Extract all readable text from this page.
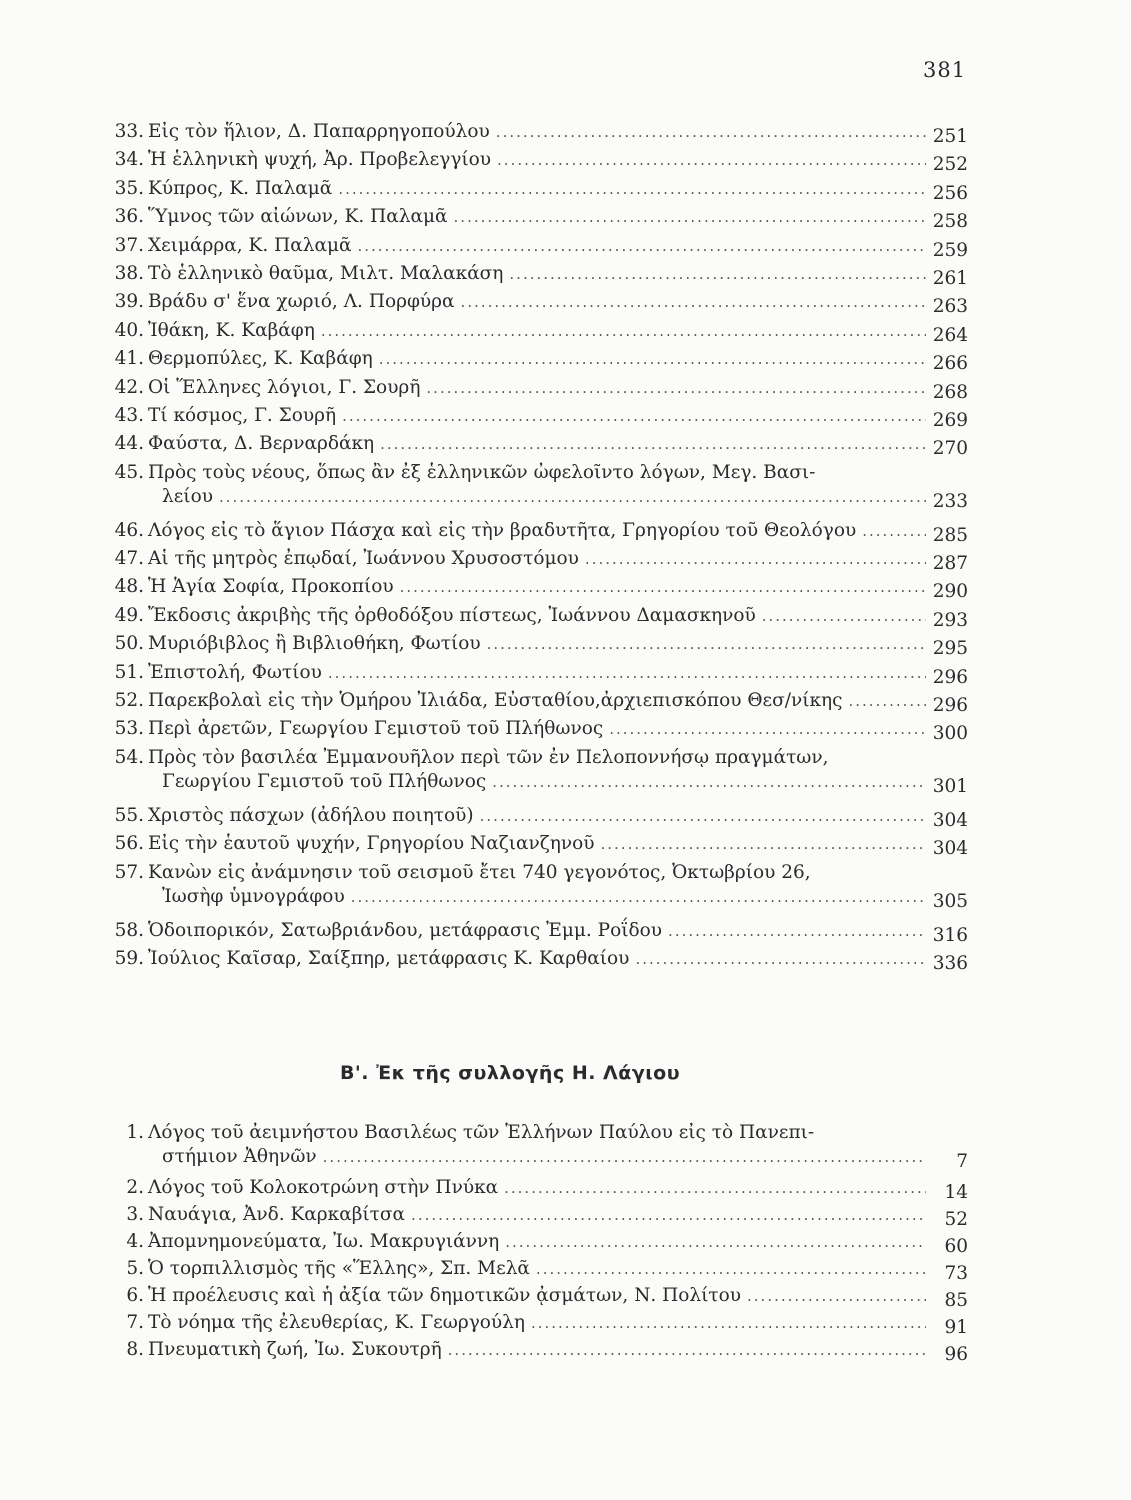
381
33. Εἰς τὸν ἥλιον, Δ. Παπαρρηγοπούλου .....	251
34. Ἡ ἑλληνικὴ ψυχή, Ἀρ. Προβελεγγίου .....	252
35. Κύπρος, Κ. Παλαμᾶ .....	256
36. Ὕμνος τῶν αἰώνων, Κ. Παλαμᾶ .....	258
37. Χειμάρρα, Κ. Παλαμᾶ .....	259
38. Τὸ ἑλληνικὸ θαῦμα, Μιλτ. Μαλακάση .....	261
39. Βράδυ σ' ἕνα χωριό, Λ. Πορφύρα .....	263
40. Ἰθάκη, Κ. Καβάφη .....	264
41. Θερμοπύλες, Κ. Καβάφη .....	266
42. Οἱ Ἕλληνες λόγιοι, Γ. Σουρῆ .....	268
43. Τί κόσμος, Γ. Σουρῆ .....	269
44. Φαύστα, Δ. Βερναρδάκη .....	270
45. Πρὸς τοὺς νέους, ὅπως ἂν ἐξ ἑλληνικῶν ὠφελοῖντο λόγων, Μεγ. Βασι-
λείου .....	233
46. Λόγος εἰς τὸ ἅγιον Πάσχα καὶ εἰς τὴν βραδυτῆτα, Γρηγορίου τοῦ Θεολόγου .....	285
47. Αἱ τῆς μητρὸς ἐπῳδαί, Ἰωάννου Χρυσοστόμου .....	287
48. Ἡ Ἁγία Σοφία, Προκοπίου .....	290
49. Ἔκδοσις ἀκριβὴς τῆς ὀρθοδόξου πίστεως, Ἰωάννου Δαμασκηνοῦ .....	293
50. Μυριόβιβλος ἢ Βιβλιοθήκη, Φωτίου .....	295
51. Ἐπιστολή, Φωτίου .....	296
52. Παρεκβολαὶ εἰς τὴν Ὁμήρου Ἰλιάδα, Εὐσταθίου,ἀρχιεπισκόπου Θεσ/νίκης .....	296
53. Περὶ ἀρετῶν, Γεωργίου Γεμιστοῦ τοῦ Πλήθωνος .....	300
54. Πρὸς τὸν βασιλέα Ἐμμανουῆλον περὶ τῶν ἐν Πελοποννήσῳ πραγμάτων,
Γεωργίου Γεμιστοῦ τοῦ Πλήθωνος .....	301
55. Χριστὸς πάσχων (ἀδήλου ποιητοῦ) .....	304
56. Εἰς τὴν ἑαυτοῦ ψυχήν, Γρηγορίου Ναζιανζηνοῦ .....	304
57. Κανὼν εἰς ἀνάμνησιν τοῦ σεισμοῦ ἔτει 740 γεγονότος, Ὀκτωβρίου 26,
Ἰωσὴφ ὑμνογράφου .....	305
58. Ὁδοιπορικόν, Σατωβριάνδου, μετάφρασις Ἐμμ. Ροΐδου .....	316
59. Ἰούλιος Καῖσαρ, Σαίξπηρ, μετάφρασις Κ. Καρθαίου .....	336
Β'. Ἐκ τῆς συλλογῆς Η. Λάγιου
1. Λόγος τοῦ ἀειμνήστου Βασιλέως τῶν Ἑλλήνων Παύλου εἰς τὸ Πανεπι-
στήμιον Ἀθηνῶν .....	7
2. Λόγος τοῦ Κολοκοτρώνη στὴν Πνύκα .....	14
3. Ναυάγια, Ἀνδ. Καρκαβίτσα .....	52
4. Ἀπομνημονεύματα, Ἰω. Μακρυγιάννη .....	60
5. Ὁ τορπιλλισμὸς τῆς «Ἕλλης», Σπ. Μελᾶ .....	73
6. Ἡ προέλευσις καὶ ἡ ἀξία τῶν δημοτικῶν ᾀσμάτων, Ν. Πολίτου .....	85
7. Τὸ νόημα τῆς ἐλευθερίας, Κ. Γεωργούλη .....	91
8. Πνευματικὴ ζωή, Ἰω. Συκουτρῆ .....	96
